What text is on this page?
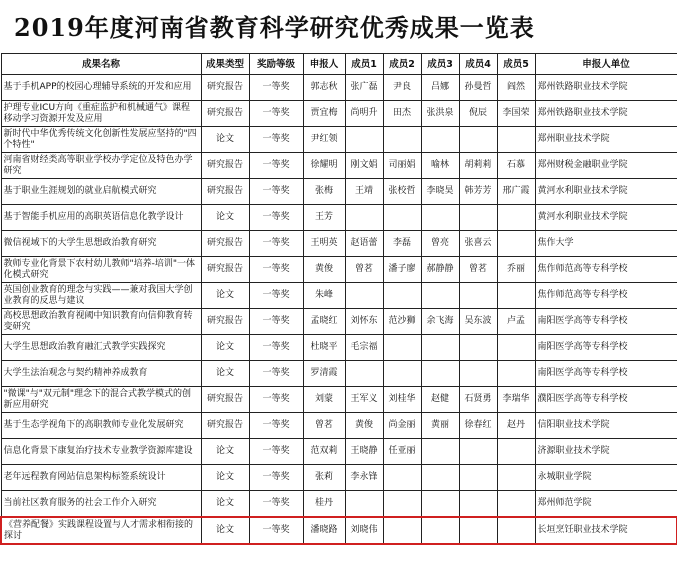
2019年度河南省教育科学研究优秀成果一览表
成果名称	成果类型	奖励等级	申报人	成员1	成员2	成员3	成员4	成员5	申报人单位
基于手机APP的校园心理辅导系统的开发和应用	研究报告	一等奖	郭志秋	张广磊	尹良	吕娜	孙曼哲	阎然	郑州铁路职业技术学院
护理专业ICU方向《重症监护和机械通气》课程移动学习资源开发及应用	研究报告	一等奖	贾宜梅	尚明升	田杰	张洪泉	倪辰	李国荣	郑州铁路职业技术学院
新时代中华优秀传统文化创新性发展应坚持的"四个特性"	论文	一等奖	尹红领						郑州职业技术学院
河南省财经类高等职业学校办学定位及特色办学研究	研究报告	一等奖	徐耀明	刚文娟	司丽娟	喻林	胡莉莉	石慕	郑州财税金融职业学院
基于职业生涯规划的就业启航模式研究	研究报告	一等奖	张梅	王靖	张校哲	李晓昊	韩芳芳	邢广霞	黄河水利职业技术学院
基于智能手机应用的高职英语信息化教学设计	论文	一等奖	王芳						黄河水利职业技术学院
微信视域下的大学生思想政治教育研究	研究报告	一等奖	王明英	赵语蕾	李磊	曾亮	张喜云		焦作大学
教师专业化背景下农村幼儿教师"培养-培训"一体化模式研究	研究报告	一等奖	黄俊	曾茗	潘子廖	郝静静	曾茗	乔丽	焦作师范高等专科学校
英国创业教育的理念与实践——兼对我国大学创业教育的反思与建议	论文	一等奖	朱峰						焦作师范高等专科学校
高校思想政治教育视阈中知识教育向信仰教育转变研究	研究报告	一等奖	孟晓红	刘怀东	范沙狮	余飞海	吴东波	卢孟	南阳医学高等专科学校
大学生思想政治教育融汇式教学实践探究	论文	一等奖	杜晓平	毛宗福					南阳医学高等专科学校
大学生法治观念与契约精神养成教育	论文	一等奖	罗清霞						南阳医学高等专科学校
"微课"与"双元制"理念下的混合式教学模式的创新应用研究	研究报告	一等奖	刘蒙	王军义	刘桂华	赵健	石贤勇	李瑞华	濮阳医学高等专科学校
基于生态学视角下的高职教师专业化发展研究	研究报告	一等奖	曾茗	黄俊	尚金丽	黄丽	徐春红	赵丹	信阳职业技术学院
信息化背景下康复治疗技术专业教学资源库建设	论文	一等奖	范双莉	王晓静	任亚丽				济源职业技术学院
老年远程教育网站信息架构标签系统设计	论文	一等奖	张莉	李永锋					永城职业学院
当前社区教育服务的社会工作介入研究	论文	一等奖	桂丹						郑州师范学院
《营养配餐》实践课程设置与人才需求相衔接的探讨	论文	一等奖	潘晓路	刘晓伟					长垣烹饪职业技术学院
